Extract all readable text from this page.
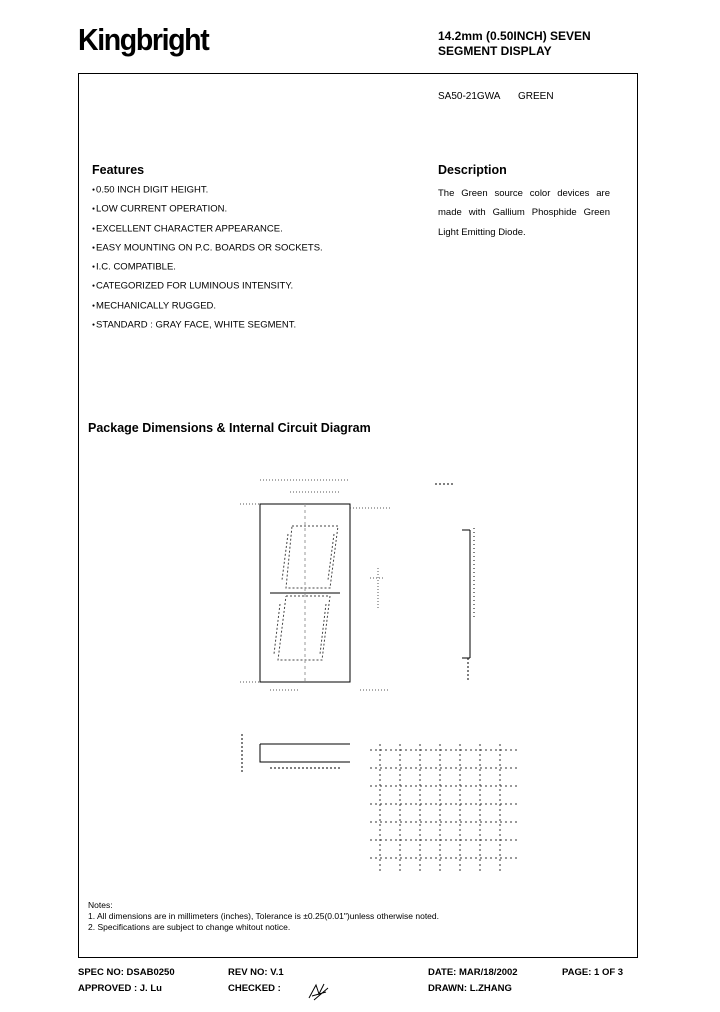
Kingbright	14.2mm (0.50INCH) SEVEN
SEGMENT DISPLAY
SA50-21GWA GREEN
Features
● 0.50 INCH DIGIT HEIGHT.
● LOW CURRENT OPERATION.
● EXCELLENT CHARACTER APPEARANCE.
● EASY MOUNTING ON P.C. BOARDS OR SOCKETS.
● I.C. COMPATIBLE.
● CATEGORIZED FOR LUMINOUS INTENSITY.
● MECHANICALLY RUGGED.
● STANDARD : GRAY FACE, WHITE SEGMENT.
Description
The Green source color devices are made with Gallium Phosphide Green Light Emitting Diode.
Package Dimensions & Internal Circuit Diagram
Notes:
1. All dimensions are in millimeters (inches), Tolerance is ±0.25(0.01")unless otherwise noted.
2. Specifications are subject to change whitout notice.
SPEC NO: DSAB0250	REV NO: V.1	DATE: MAR/18/2002	PAGE: 1 OF 3
APPROVED : J. Lu	CHECKED :	DRAWN: L.ZHANG
